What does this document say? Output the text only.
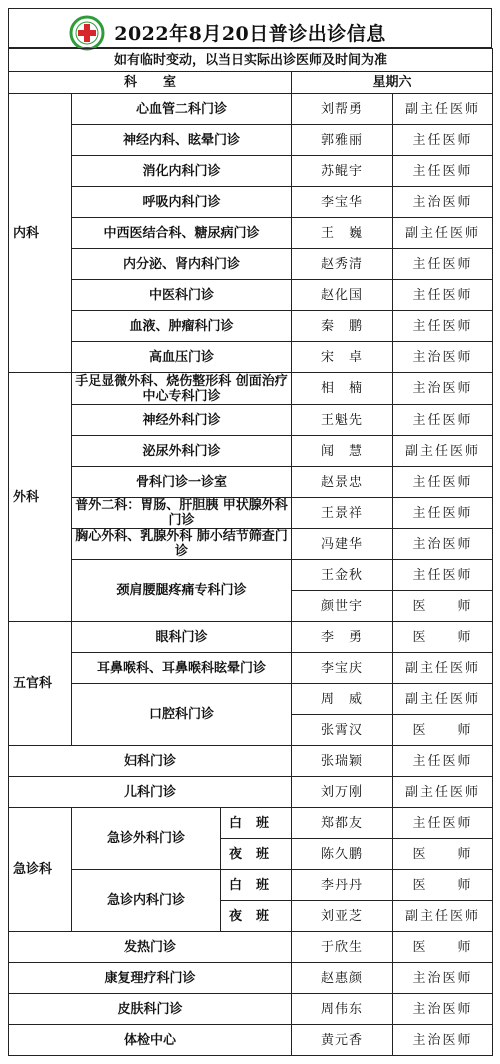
2022年8月20日普诊出诊信息
如有临时变动，以当日实际出诊医师及时间为准				
科　　室			星期六	
内科	心血管二科门诊		刘帮勇	副主任医师
	神经内科、眩晕门诊		郭雅丽	主任医师
	消化内科门诊		苏鲲宇	主任医师
	呼吸内科门诊		李宝华	主治医师
	中西医结合科、糖尿病门诊		王　巍	副主任医师
	内分泌、肾内科门诊		赵秀清	主任医师
	中医科门诊		赵化国	主任医师
	血液、肿瘤科门诊		秦　鹏	主任医师
	高血压门诊		宋　卓	主治医师
外科	手足显微外科、烧伤整形科 创面治疗中心专科门诊		相　楠	主治医师
	神经外科门诊		王魁先	主任医师
	泌尿外科门诊		闻　慧	副主任医师
	骨科门诊一诊室		赵景忠	主任医师
	普外二科：胃肠、肝胆胰 甲状腺外科门诊		王景祥	主任医师
	胸心外科、乳腺外科 肺小结节筛查门诊		冯建华	主治医师
	颈肩腰腿疼痛专科门诊		王金秋	主任医师
			颜世宇	医　　师
五官科	眼科门诊		李　勇	医　　师
	耳鼻喉科、耳鼻喉科眩晕门诊		李宝庆	副主任医师
	口腔科门诊		周　威	副主任医师
			张霄汉	医　　师
妇科门诊			张瑞颖	主任医师
儿科门诊			刘万刚	副主任医师
急诊科	急诊外科门诊	白班	郑都友	主任医师
		夜班	陈久鹏	医　　师
	急诊内科门诊	白班	李丹丹	医　　师
		夜班	刘亚芝	副主任医师
发热门诊			于欣生	医　　师
康复理疗科门诊			赵惠颜	主治医师
皮肤科门诊			周伟东	主治医师
体检中心			黄元香	主治医师
